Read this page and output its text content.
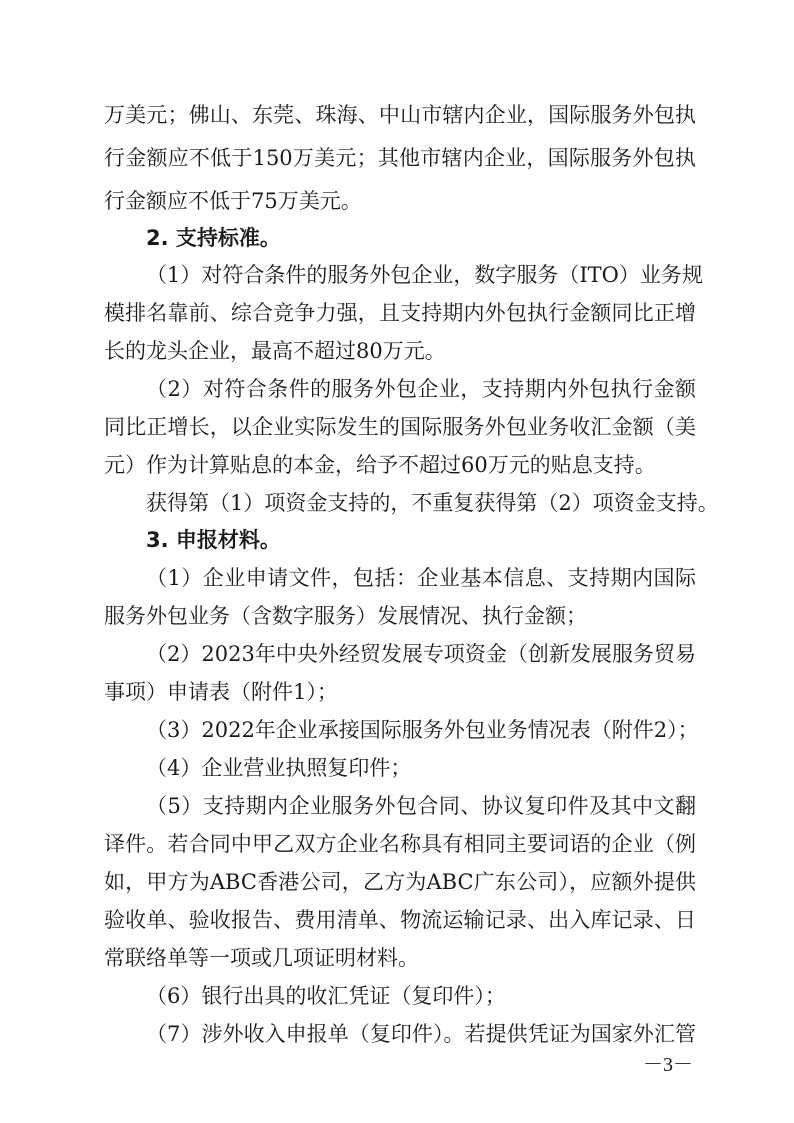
万美元；佛山、东莞、珠海、中山市辖内企业，国际服务外包执
行金额应不低于150万美元；其他市辖内企业，国际服务外包执
行金额应不低于75万美元。
2. 支持标准。
（1）对符合条件的服务外包企业，数字服务（ITO）业务规
模排名靠前、综合竞争力强，且支持期内外包执行金额同比正增
长的龙头企业，最高不超过80万元。
（2）对符合条件的服务外包企业，支持期内外包执行金额
同比正增长，以企业实际发生的国际服务外包业务收汇金额（美
元）作为计算贴息的本金，给予不超过60万元的贴息支持。
获得第（1）项资金支持的，不重复获得第（2）项资金支持。
3. 申报材料。
（1）企业申请文件，包括：企业基本信息、支持期内国际
服务外包业务（含数字服务）发展情况、执行金额；
（2）2023年中央外经贸发展专项资金（创新发展服务贸易
事项）申请表（附件1）；
（3）2022年企业承接国际服务外包业务情况表（附件2）；
（4）企业营业执照复印件；
（5）支持期内企业服务外包合同、协议复印件及其中文翻
译件。若合同中甲乙双方企业名称具有相同主要词语的企业（例
如，甲方为ABC香港公司，乙方为ABC广东公司），应额外提供
验收单、验收报告、费用清单、物流运输记录、出入库记录、日
常联络单等一项或几项证明材料。
（6）银行出具的收汇凭证（复印件）；
（7）涉外收入申报单（复印件）。若提供凭证为国家外汇管
－3－
